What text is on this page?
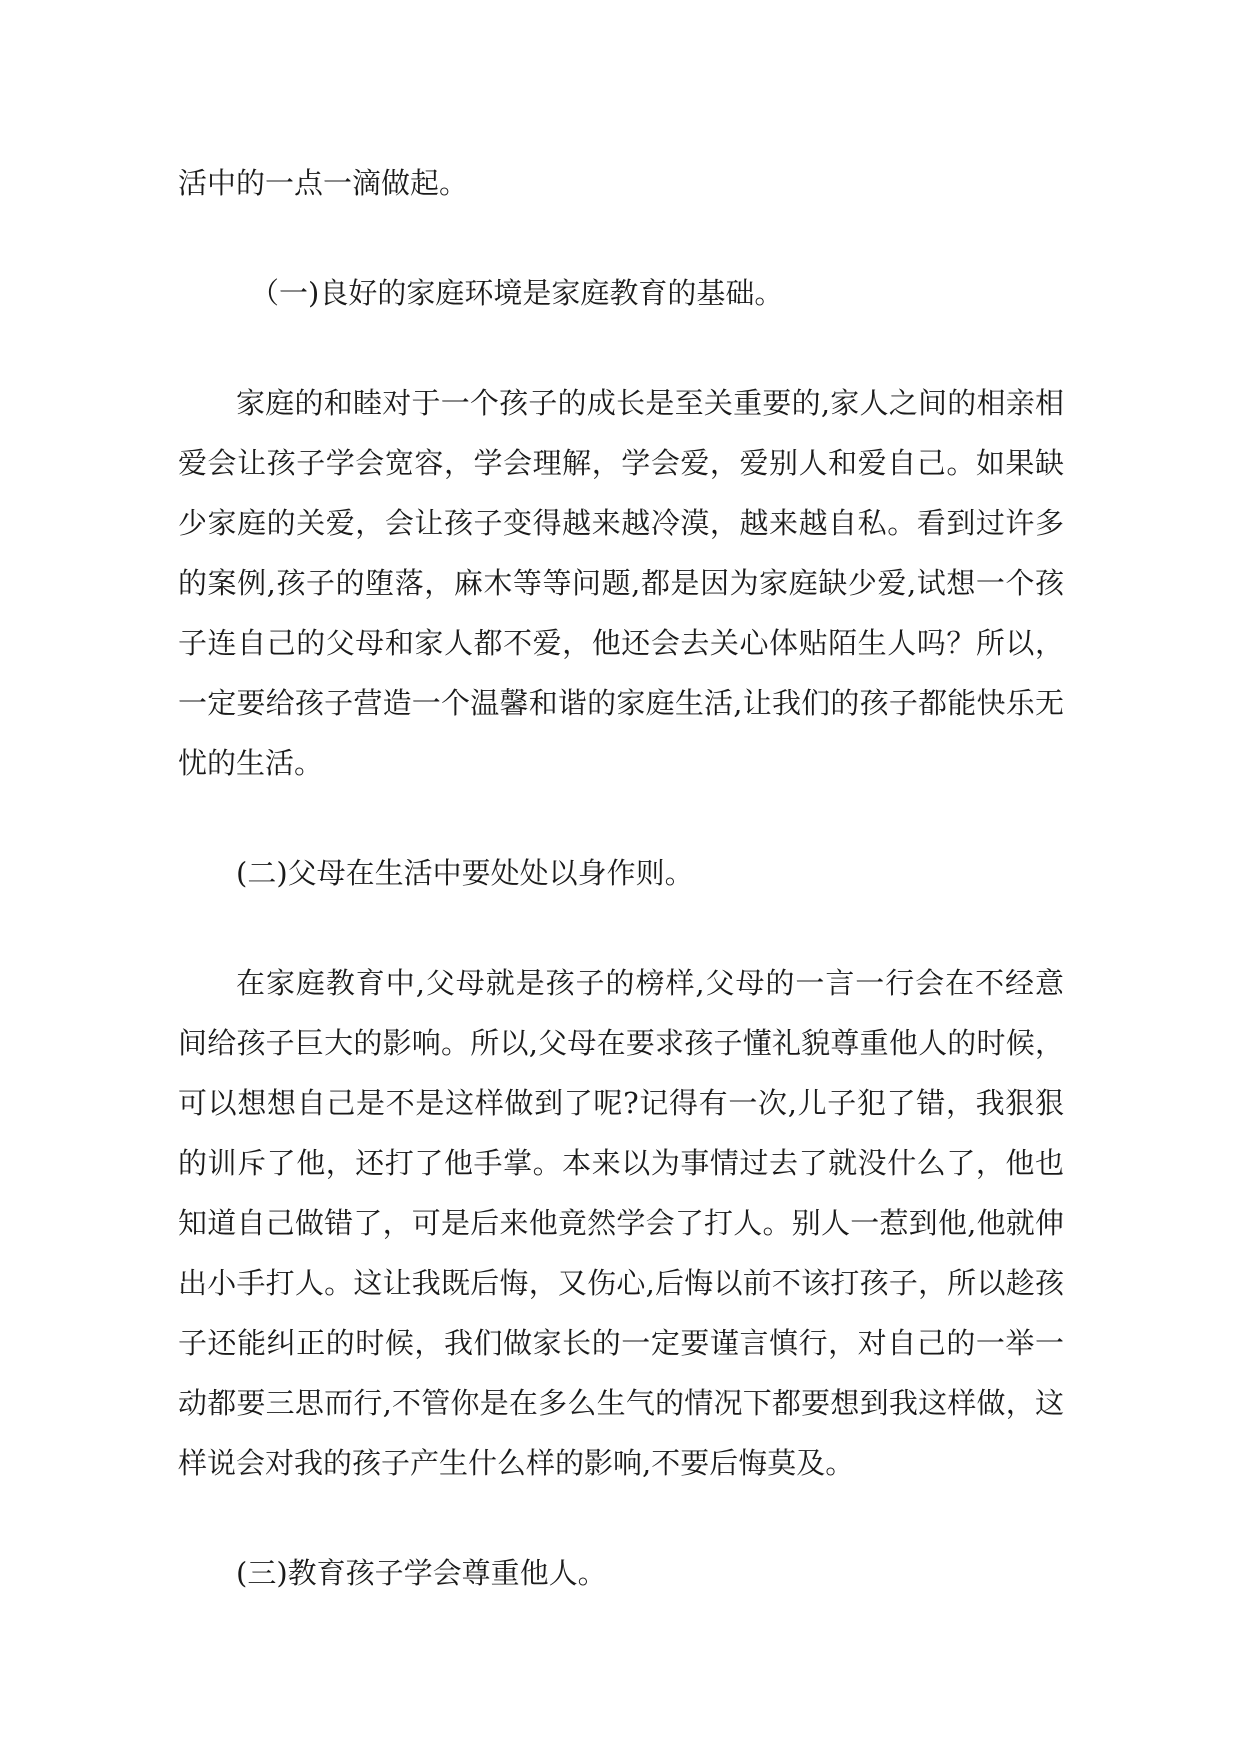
活中的一点一滴做起。

（一)良好的家庭环境是家庭教育的基础。

家庭的和睦对于一个孩子的成长是至关重要的,家人之间的相亲相爱会让孩子学会宽容，学会理解，学会爱，爱别人和爱自己。如果缺少家庭的关爱，会让孩子变得越来越冷漠，越来越自私。看到过许多的案例,孩子的堕落，麻木等等问题,都是因为家庭缺少爱,试想一个孩子连自己的父母和家人都不爱，他还会去关心体贴陌生人吗？所以，一定要给孩子营造一个温馨和谐的家庭生活,让我们的孩子都能快乐无忧的生活。

(二)父母在生活中要处处以身作则。

在家庭教育中,父母就是孩子的榜样,父母的一言一行会在不经意间给孩子巨大的影响。所以,父母在要求孩子懂礼貌尊重他人的时候，可以想想自己是不是这样做到了呢?记得有一次,儿子犯了错，我狠狠的训斥了他，还打了他手掌。本来以为事情过去了就没什么了，他也知道自己做错了，可是后来他竟然学会了打人。别人一惹到他,他就伸出小手打人。这让我既后悔，又伤心,后悔以前不该打孩子，所以趁孩子还能纠正的时候，我们做家长的一定要谨言慎行，对自己的一举一动都要三思而行,不管你是在多么生气的情况下都要想到我这样做，这样说会对我的孩子产生什么样的影响,不要后悔莫及。

(三)教育孩子学会尊重他人。
